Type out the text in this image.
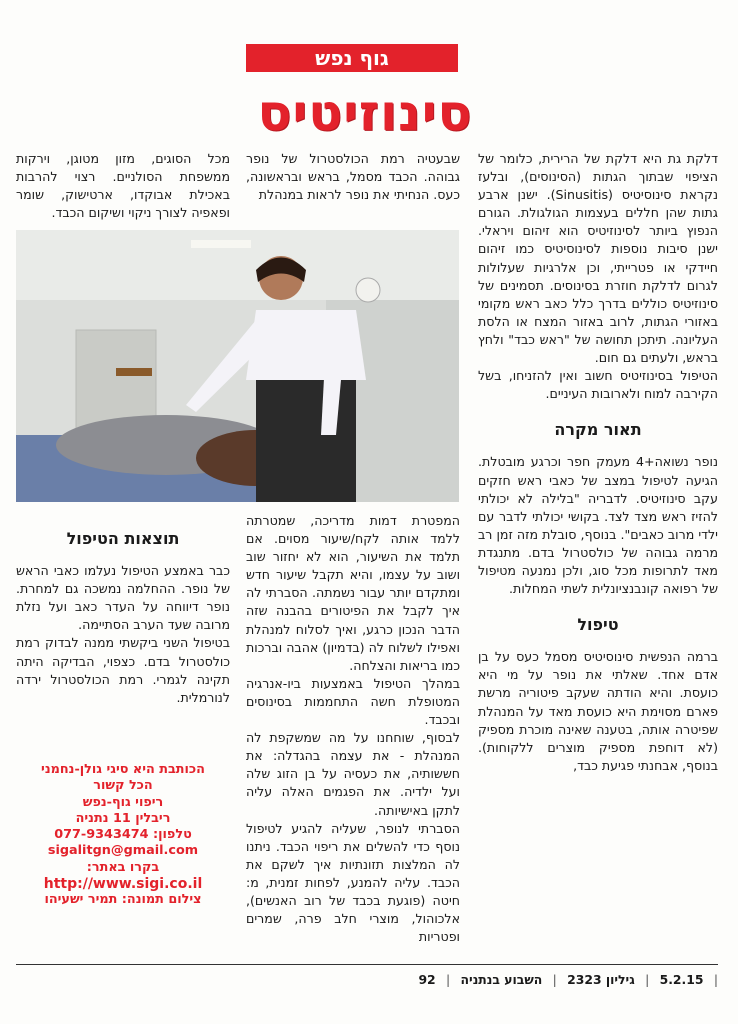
גוף נפש
סינוזיטיס

דלקת גת היא דלקת של הרירית, כלומר של הציפוי שבתוך הגתות (הסינוסים), ובלעז נקראת סינוסיטיס (Sinusitis). ישנן ארבע גתות שהן חללים בעצמות הגולגולת. הגורם הנפוץ ביותר לסינוזיטיס הוא זיהום ויראלי. ישנן סיבות נוספות לסינוסיטיס כמו זיהום חיידקי או פטרייתי, וכן אלרגיות שעלולות לגרום לדלקת חוזרת בסינוסים. תסמינים של סינוזיטיס כוללים בדרך כלל כאב ראש מקומי באזורי הגתות, לרוב באזור המצח או הלסת העליונה. תיתכן תחושה של "ראש כבד" ולחץ בראש, ולעתים גם חום.

הטיפול בסינוזיטיס חשוב ואין להזניחו, בשל הקירבה למוח ולארובות העיניים.

תאור מקרה

נופר נשואה+4 מעמק חפר וכרגע מובטלת. הגיעה לטיפול במצב של כאבי ראש חזקים עקב סינוזיטיס. לדבריה "בלילה לא יכולתי להזיז ראש מצד לצד. בקושי יכולתי לדבר עם ילדי מרוב כאבים". בנוסף, סובלת מזה זמן רב מרמה גבוהה של כולסטרול בדם. מתנגדת מאד לתרופות מכל סוג, ולכן נמנעה מטיפול של רפואה קונבנציונלית לשתי המחלות.

טיפול

ברמה הנפשית סינוסיטיס מסמל כעס על בן אדם אחד. שאלתי את נופר על מי היא כועסת. והיא הודתה שעקב פיטוריה מרשת פארם מסוימת היא כועסת מאד על המנהלת שפיטרה אותה, בטענה שאינה מוכרת מספיק (לא דוחפת מספיק מוצרים ללקוחות). בנוסף, אבחנתי פגיעת כבד,

שבעטיה רמת הכולסטרול של נופר גבוהה. הכבד מסמל, בראש ובראשונה, כעס. הנחיתי את נופר לראות במנהלת

מכל הסוגים, מזון מטוגן, וירקות ממשפחת הסולניים. רצוי להרבות באכילת אבוקדו, ארטישוק, שומר ופאפיה לצורך ניקוי ושיקום הכבד.

המפטרת דמות מדריכה, שמטרתה ללמד אותה לקח/שיעור מסוים. אם תלמד את השיעור, הוא לא יחזור שוב ושוב על עצמו, והיא תקבל שיעור חדש ומתקדם יותר עבור נשמתה. הסברתי לה איך לקבל את הפיטורים בהבנה שזה הדבר הנכון כרגע, ואיך לסלוח למנהלת ואפילו לשלוח לה (בדמיון) אהבה וברכות כמו בריאות והצלחה.

במהלך הטיפול באמצעות ביו-אנרגיה המטופלת חשה התחממות בסינוסים ובכבד.

לבסוף, שוחחנו על מה שמשקפת לה המנהלת - את עצמה בהגדלה: את חששותיה, את כעסיה על בן הזוג שלה ועל ילדיה. את הפגמים האלה עליה לתקן באישיותה.

הסברתי לנופר, שעליה להגיע לטיפול נוסף כדי להשלים את ריפוי הכבד. ניתנו לה המלצות תזונתיות איך לשקם את הכבד. עליה להמנע, לפחות זמנית, מ: חיטה (פוגעת בכבד של רוב האנשים), אלכוהול, מוצרי חלב פרה, שמרים ופטריות

תוצאות הטיפול

כבר באמצע הטיפול נעלמו כאבי הראש של נופר. ההחלמה נמשכה גם למחרת. נופר דיווחה על העדר כאב ועל נזלת מרובה שעד הערב הסתיימה.

בטיפול השני ביקשתי ממנה לבדוק רמת כולסטרול בדם. כצפוי, הבדיקה היתה תקינה לגמרי. רמת הכולסטרול ירדה לנורמלית.

הכותבת היא סיגי גולן-נחמני
הכל קשור
ריפוי גוף-נפש
ריבלין 11 נתניה
טלפון: 077-9343474
sigalitgn@gmail.com
בקרו באתר:
http://www.sigi.co.il
צילום תמונה: תמיר ישעיהו
| 5.2.15 | גיליון 2323 | השבוע בנתניה | 92
